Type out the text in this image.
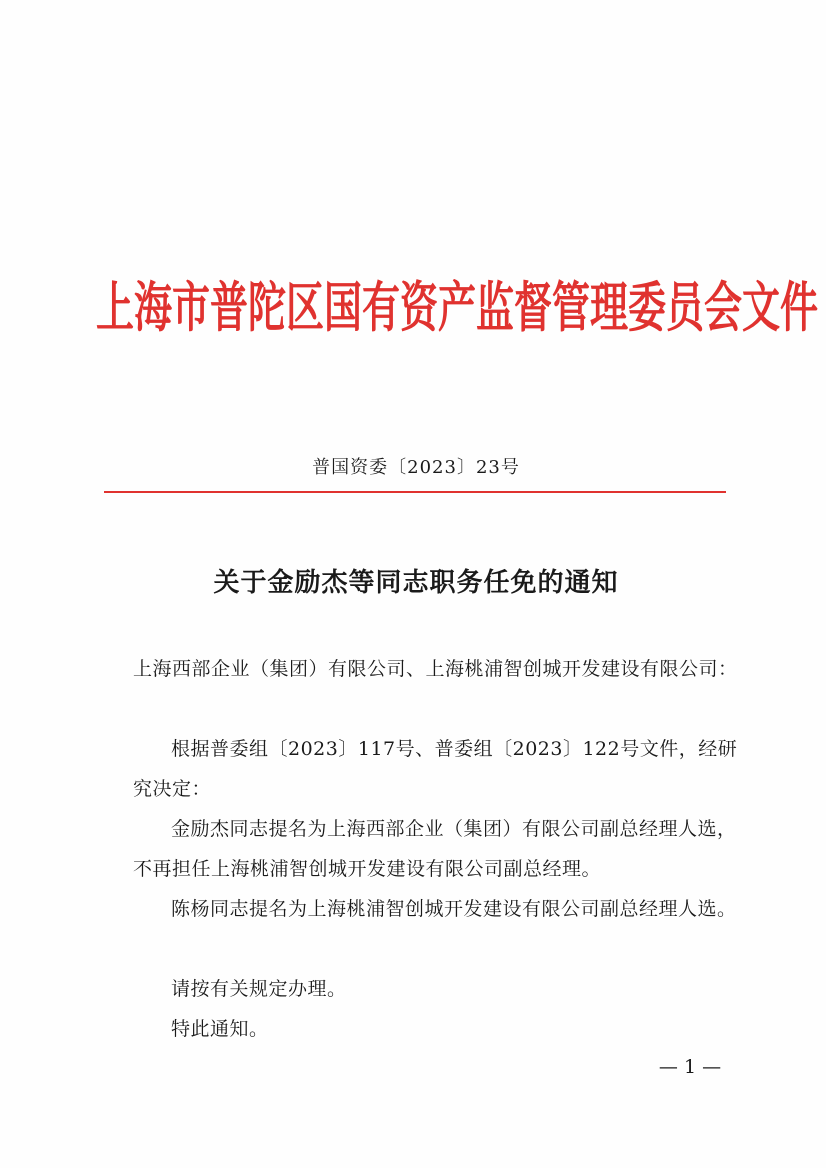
上海市普陀区国有资产监督管理委员会文件
普国资委〔2023〕23号
关于金励杰等同志职务任免的通知
上海西部企业（集团）有限公司、上海桃浦智创城开发建设有限公司：
根据普委组〔2023〕117号、普委组〔2023〕122号文件，经研究决定：
金励杰同志提名为上海西部企业（集团）有限公司副总经理人选，不再担任上海桃浦智创城开发建设有限公司副总经理。
陈杨同志提名为上海桃浦智创城开发建设有限公司副总经理人选。
请按有关规定办理。
特此通知。
— 1 —
